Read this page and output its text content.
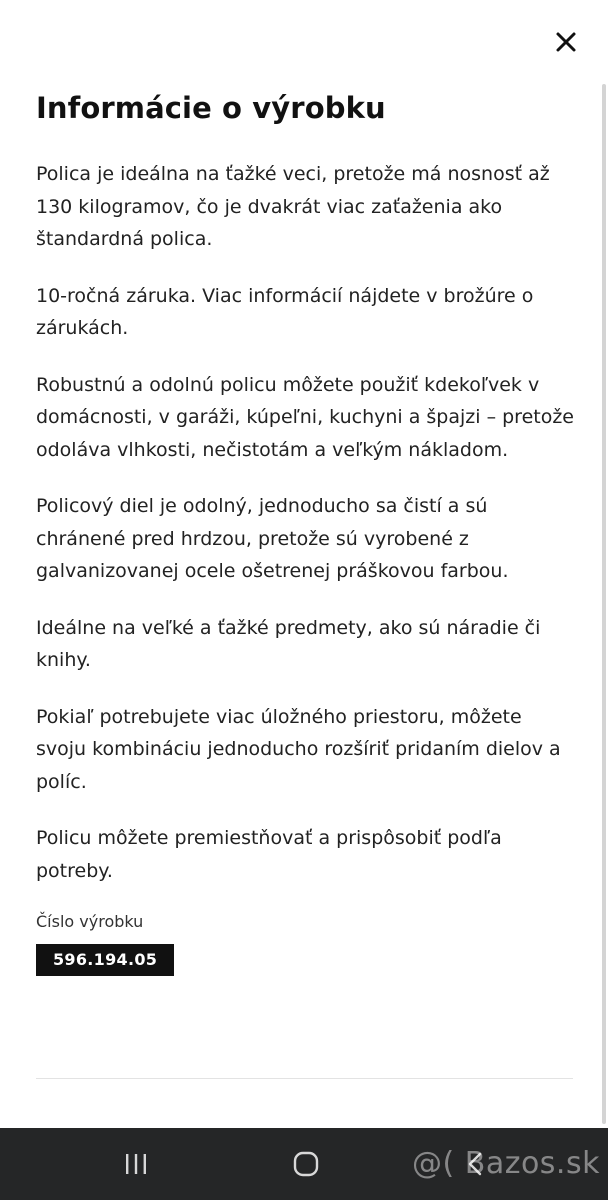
Informácie o výrobku

Polica je ideálna na ťažké veci, pretože má nosnosť až 130 kilogramov, čo je dvakrát viac zaťaženia ako štandardná polica.

10-ročná záruka. Viac informácií nájdete v brožúre o zárukách.

Robustnú a odolnú policu môžete použiť kdekoľvek v domácnosti, v garáži, kúpeľni, kuchyni a špajzi – pretože odoláva vlhkosti, nečistotám a veľkým nákladom.

Policový diel je odolný, jednoducho sa čistí a sú chránené pred hrdzou, pretože sú vyrobené z galvanizovanej ocele ošetrenej práškovou farbou.

Ideálne na veľké a ťažké predmety, ako sú náradie či knihy.

Pokiaľ potrebujete viac úložného priestoru, môžete svoju kombináciu jednoducho rozšíriť pridaním dielov a políc.

Policu môžete premiestňovať a prispôsobiť podľa potreby.

Číslo výrobku
596.194.05
@( Bazos.sk
